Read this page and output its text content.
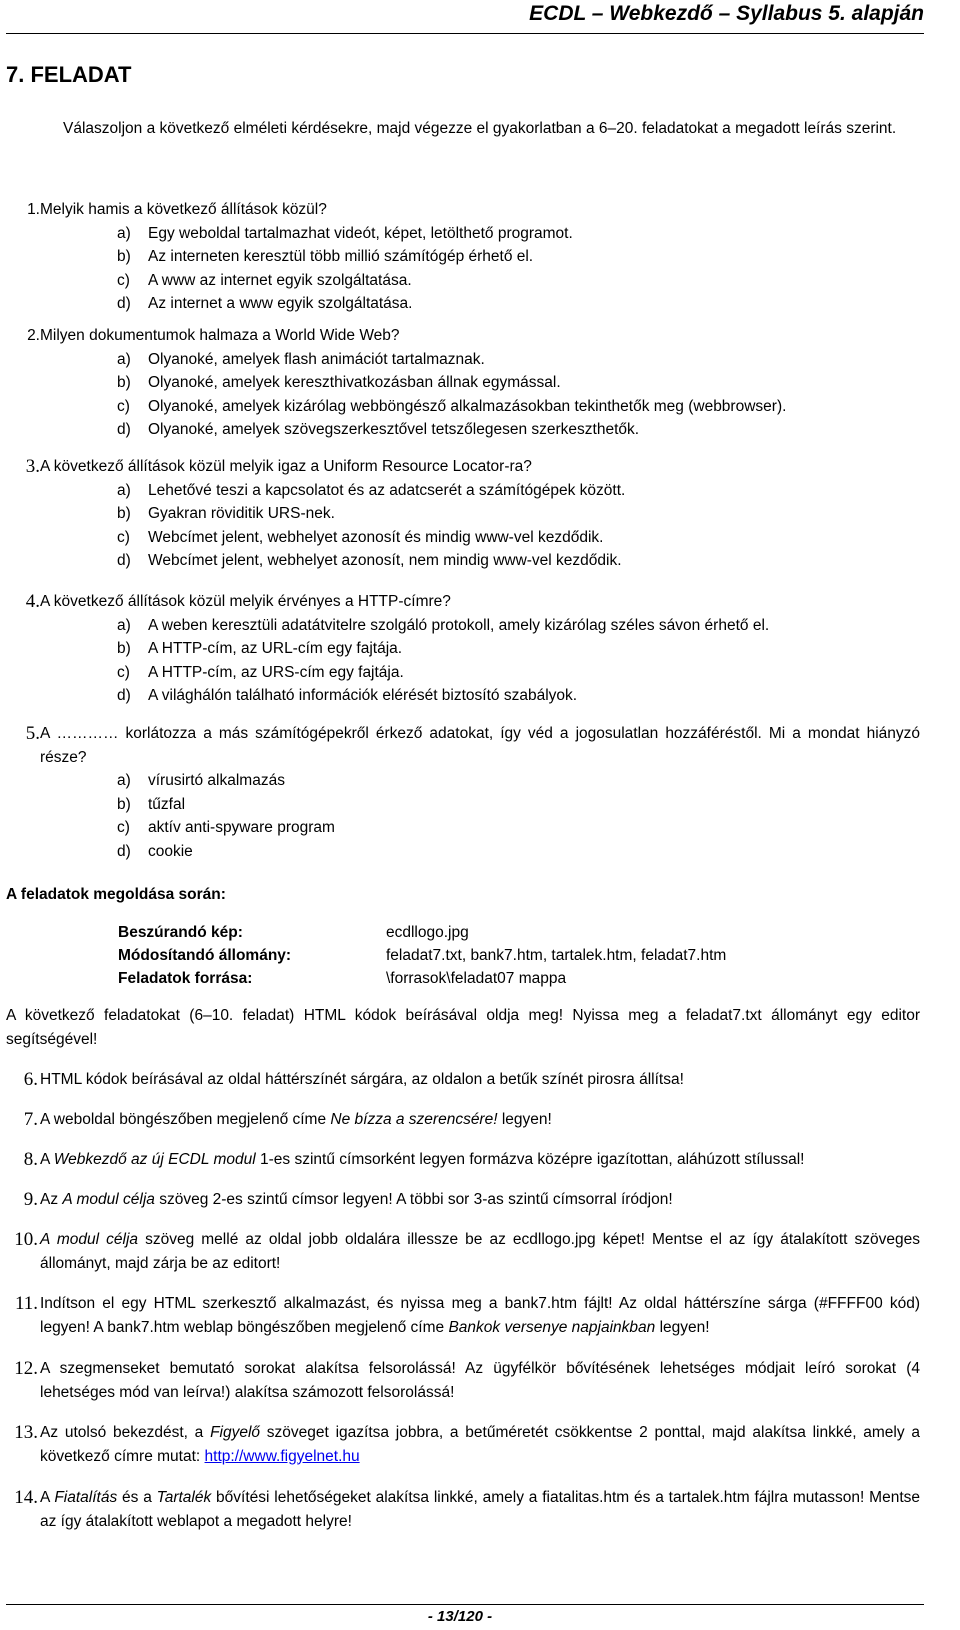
ECDL – Webkezdő – Syllabus 5. alapján
7. FELADAT
Válaszoljon a következő elméleti kérdésekre, majd végezze el gyakorlatban a 6–20. feladatokat a megadott leírás szerint.
1. Melyik hamis a következő állítások közül?
a) Egy weboldal tartalmazhat videót, képet, letölthető programot.
b) Az interneten keresztül több millió számítógép érhető el.
c) A www az internet egyik szolgáltatása.
d) Az internet a www egyik szolgáltatása.
2. Milyen dokumentumok halmaza a World Wide Web?
a) Olyanoké, amelyek flash animációt tartalmaznak.
b) Olyanoké, amelyek kereszthivatkozásban állnak egymással.
c) Olyanoké, amelyek kizárólag webböngésző alkalmazásokban tekinthetők meg (webbrowser).
d) Olyanoké, amelyek szövegszerkesztővel tetszőlegesen szerkeszthetők.
3. A következő állítások közül melyik igaz a Uniform Resource Locator-ra?
a) Lehetővé teszi a kapcsolatot és az adatcserét a számítógépek között.
b) Gyakran röviditik URS-nek.
c) Webcímet jelent, webhelyet azonosít és mindig www-vel kezdődik.
d) Webcímet jelent, webhelyet azonosít, nem mindig www-vel kezdődik.
4. A következő állítások közül melyik érvényes a HTTP-címre?
a) A weben keresztüli adatátvitelre szolgáló protokoll, amely kizárólag széles sávon érhető el.
b) A HTTP-cím, az URL-cím egy fajtája.
c) A HTTP-cím, az URS-cím egy fajtája.
d) A világhálón található információk elérését biztosító szabályok.
5. A ………… korlátozza a más számítógépekről érkező adatokat, így véd a jogosulatlan hozzáféréstől. Mi a mondat hiányzó része?
a) vírusirtó alkalmazás
b) tűzfal
c) aktív anti-spyware program
d) cookie
A feladatok megoldása során:
Beszúrandó kép:	ecdllogo.jpg
Módosítandó állomány:	feladat7.txt, bank7.htm, tartalek.htm, feladat7.htm
Feladatok forrása:	\forrasok\feladat07 mappa
A következő feladatokat (6–10. feladat) HTML kódok beírásával oldja meg! Nyissa meg a feladat7.txt állományt egy editor segítségével!
6. HTML kódok beírásával az oldal háttérszínét sárgára, az oldalon a betűk színét pirosra állítsa!
7. A weboldal böngészőben megjelenő címe Ne bízza a szerencsére! legyen!
8. A Webkezdő az új ECDL modul 1-es szintű címsorként legyen formázva középre igazítottan, aláhúzott stílussal!
9. Az A modul célja szöveg 2-es szintű címsor legyen! A többi sor 3-as szintű címsorral íródjon!
10. A modul célja szöveg mellé az oldal jobb oldalára illessze be az ecdllogo.jpg képet! Mentse el az így átalakított szöveges állományt, majd zárja be az editort!
11. Indítson el egy HTML szerkesztő alkalmazást, és nyissa meg a bank7.htm fájlt! Az oldal háttérszíne sárga (#FFFF00 kód) legyen! A bank7.htm weblap böngészőben megjelenő címe Bankok versenye napjainkban legyen!
12. A szegmenseket bemutató sorokat alakítsa felsorolássá! Az ügyfélkör bővítésének lehetséges módjait leíró sorokat (4 lehetséges mód van leírva!) alakítsa számozott felsorolássá!
13. Az utolsó bekezdést, a Figyelő szöveget igazítsa jobbra, a betűméretét csökkentse 2 ponttal, majd alakítsa linkké, amely a következő címre mutat: http://www.figyelnet.hu
14. A Fiatalítás és a Tartalék bővítési lehetőségeket alakítsa linkké, amely a fiatalitas.htm és a tartalek.htm fájlra mutasson! Mentse az így átalakított weblapot a megadott helyre!
- 13/120 -
